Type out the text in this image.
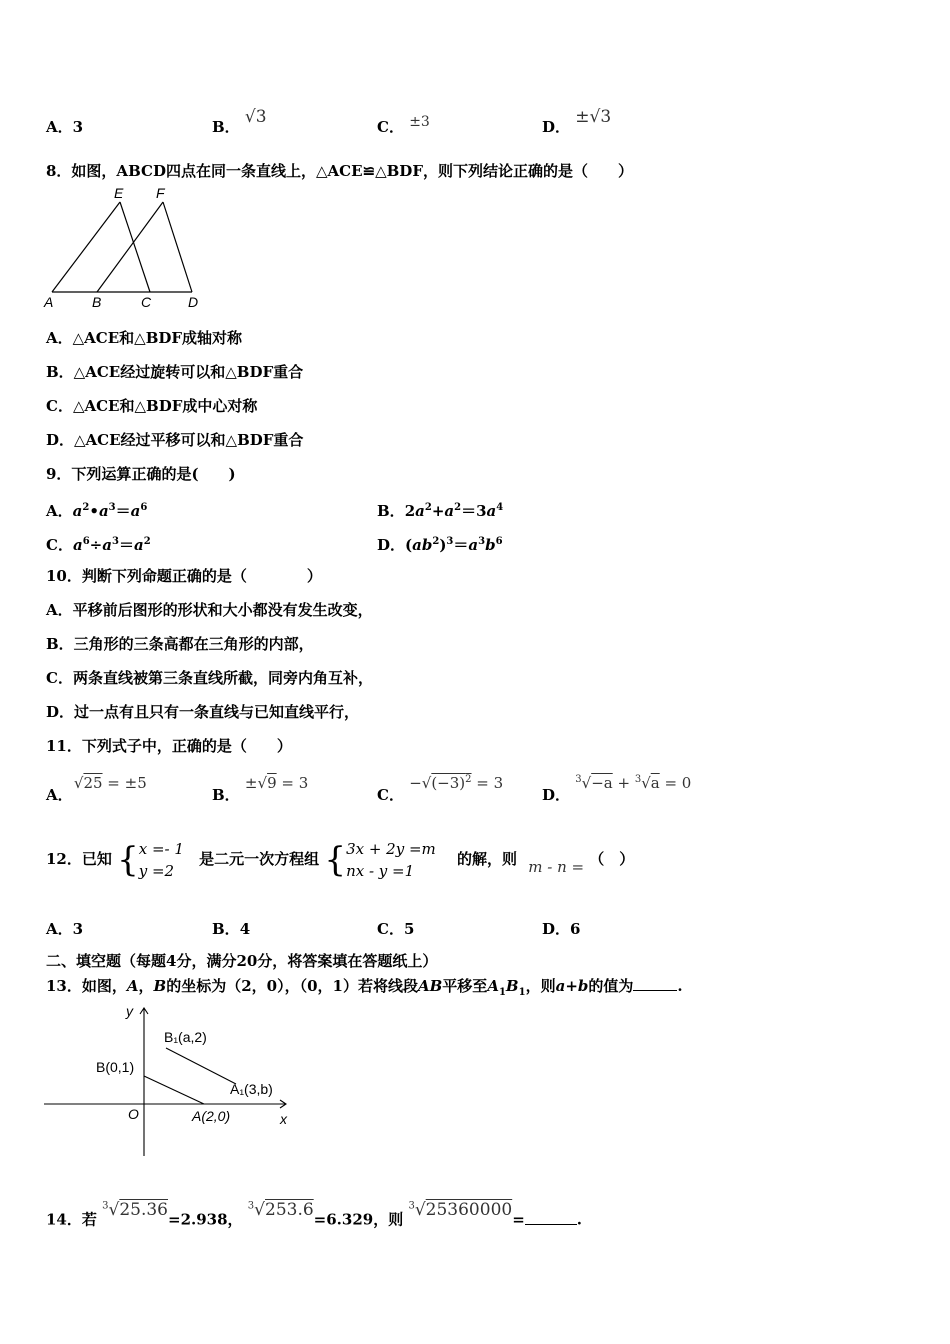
A．3	B． √3	C． ±3	D． ±√3
8．如图，ABCD四点在同一条直线上，△ACE≌△BDF，则下列结论正确的是（　　）
E F
A	B	C	D
A．△ACE和△BDF成轴对称
B．△ACE经过旋转可以和△BDF重合
C．△ACE和△BDF成中心对称
D．△ACE经过平移可以和△BDF重合
9．下列运算正确的是(　　)
A．$a^2•a^3=a^6$	B．$2a^2+a^2=3a^4$
C．$a^6\div a^3=a^2$	D．$(ab^2)^3=a^3b^6$
10．判断下列命题正确的是（　　　　）
A．平移前后图形的形状和大小都没有发生改变，
B．三角形的三条高都在三角形的内部，
C．两条直线被第三条直线所截，同旁内角互补，
D．过一点有且只有一条直线与已知直线平行，
11．下列式子中，正确的是（　　）
A． √25 = ±5
B． ±√9 = 3
C． $-√(-3)^2 = 3$
D． $^3$√−a + $^3$√a = 0
12．已知 {x =- 1
y =2 是二元一次方程组 {3x + 2y =m
nx - y =1 的解，则 m - n = （　）
A．3	B．4	C．5	D．6
二、填空题（每题4分，满分20分，将答案填在答题纸上）
13．如图，A，B的坐标为（2，0），（0，1）若将线段AB平移至$A_1B_1$，则a+b的值为	.
y
x
O
B(0,1)
A(2,0)
B₁(a,2)
A₁(3,b)
14．若 $^3$√25.36=2.938， $^3$√253.6=6.329，则 $^3$√25360000=	.
